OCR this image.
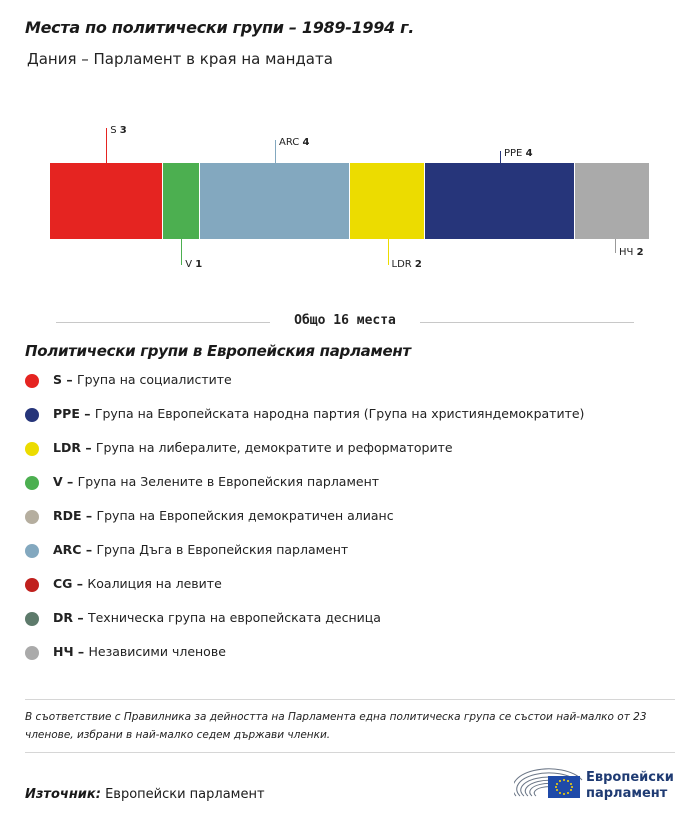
Места по политически групи – 1989-1994 г.
Дания – Парламент в края на мандата
S 3
V 1
ARC 4
LDR 2
PPE 4
НЧ 2
Общо 16 места
Политически групи в Европейския парламент
S – Група на социалистите
PPE – Група на Европейската народна партия (Група на християндемократите)
LDR – Група на либералите, демократите и реформаторите
V – Група на Зелените в Европейския парламент
RDE – Група на Европейския демократичен алианс
ARC – Група Дъга в Европейския парламент
CG – Коалиция на левите
DR – Техническа група на европейската десница
НЧ – Независими членове
В съответствие с Правилника за дейността на Парламента една политическа група се състои най-малко от 23 членове, избрани в най-малко седем държави членки.
Източник: Европейски парламент
Европейски
парламент
